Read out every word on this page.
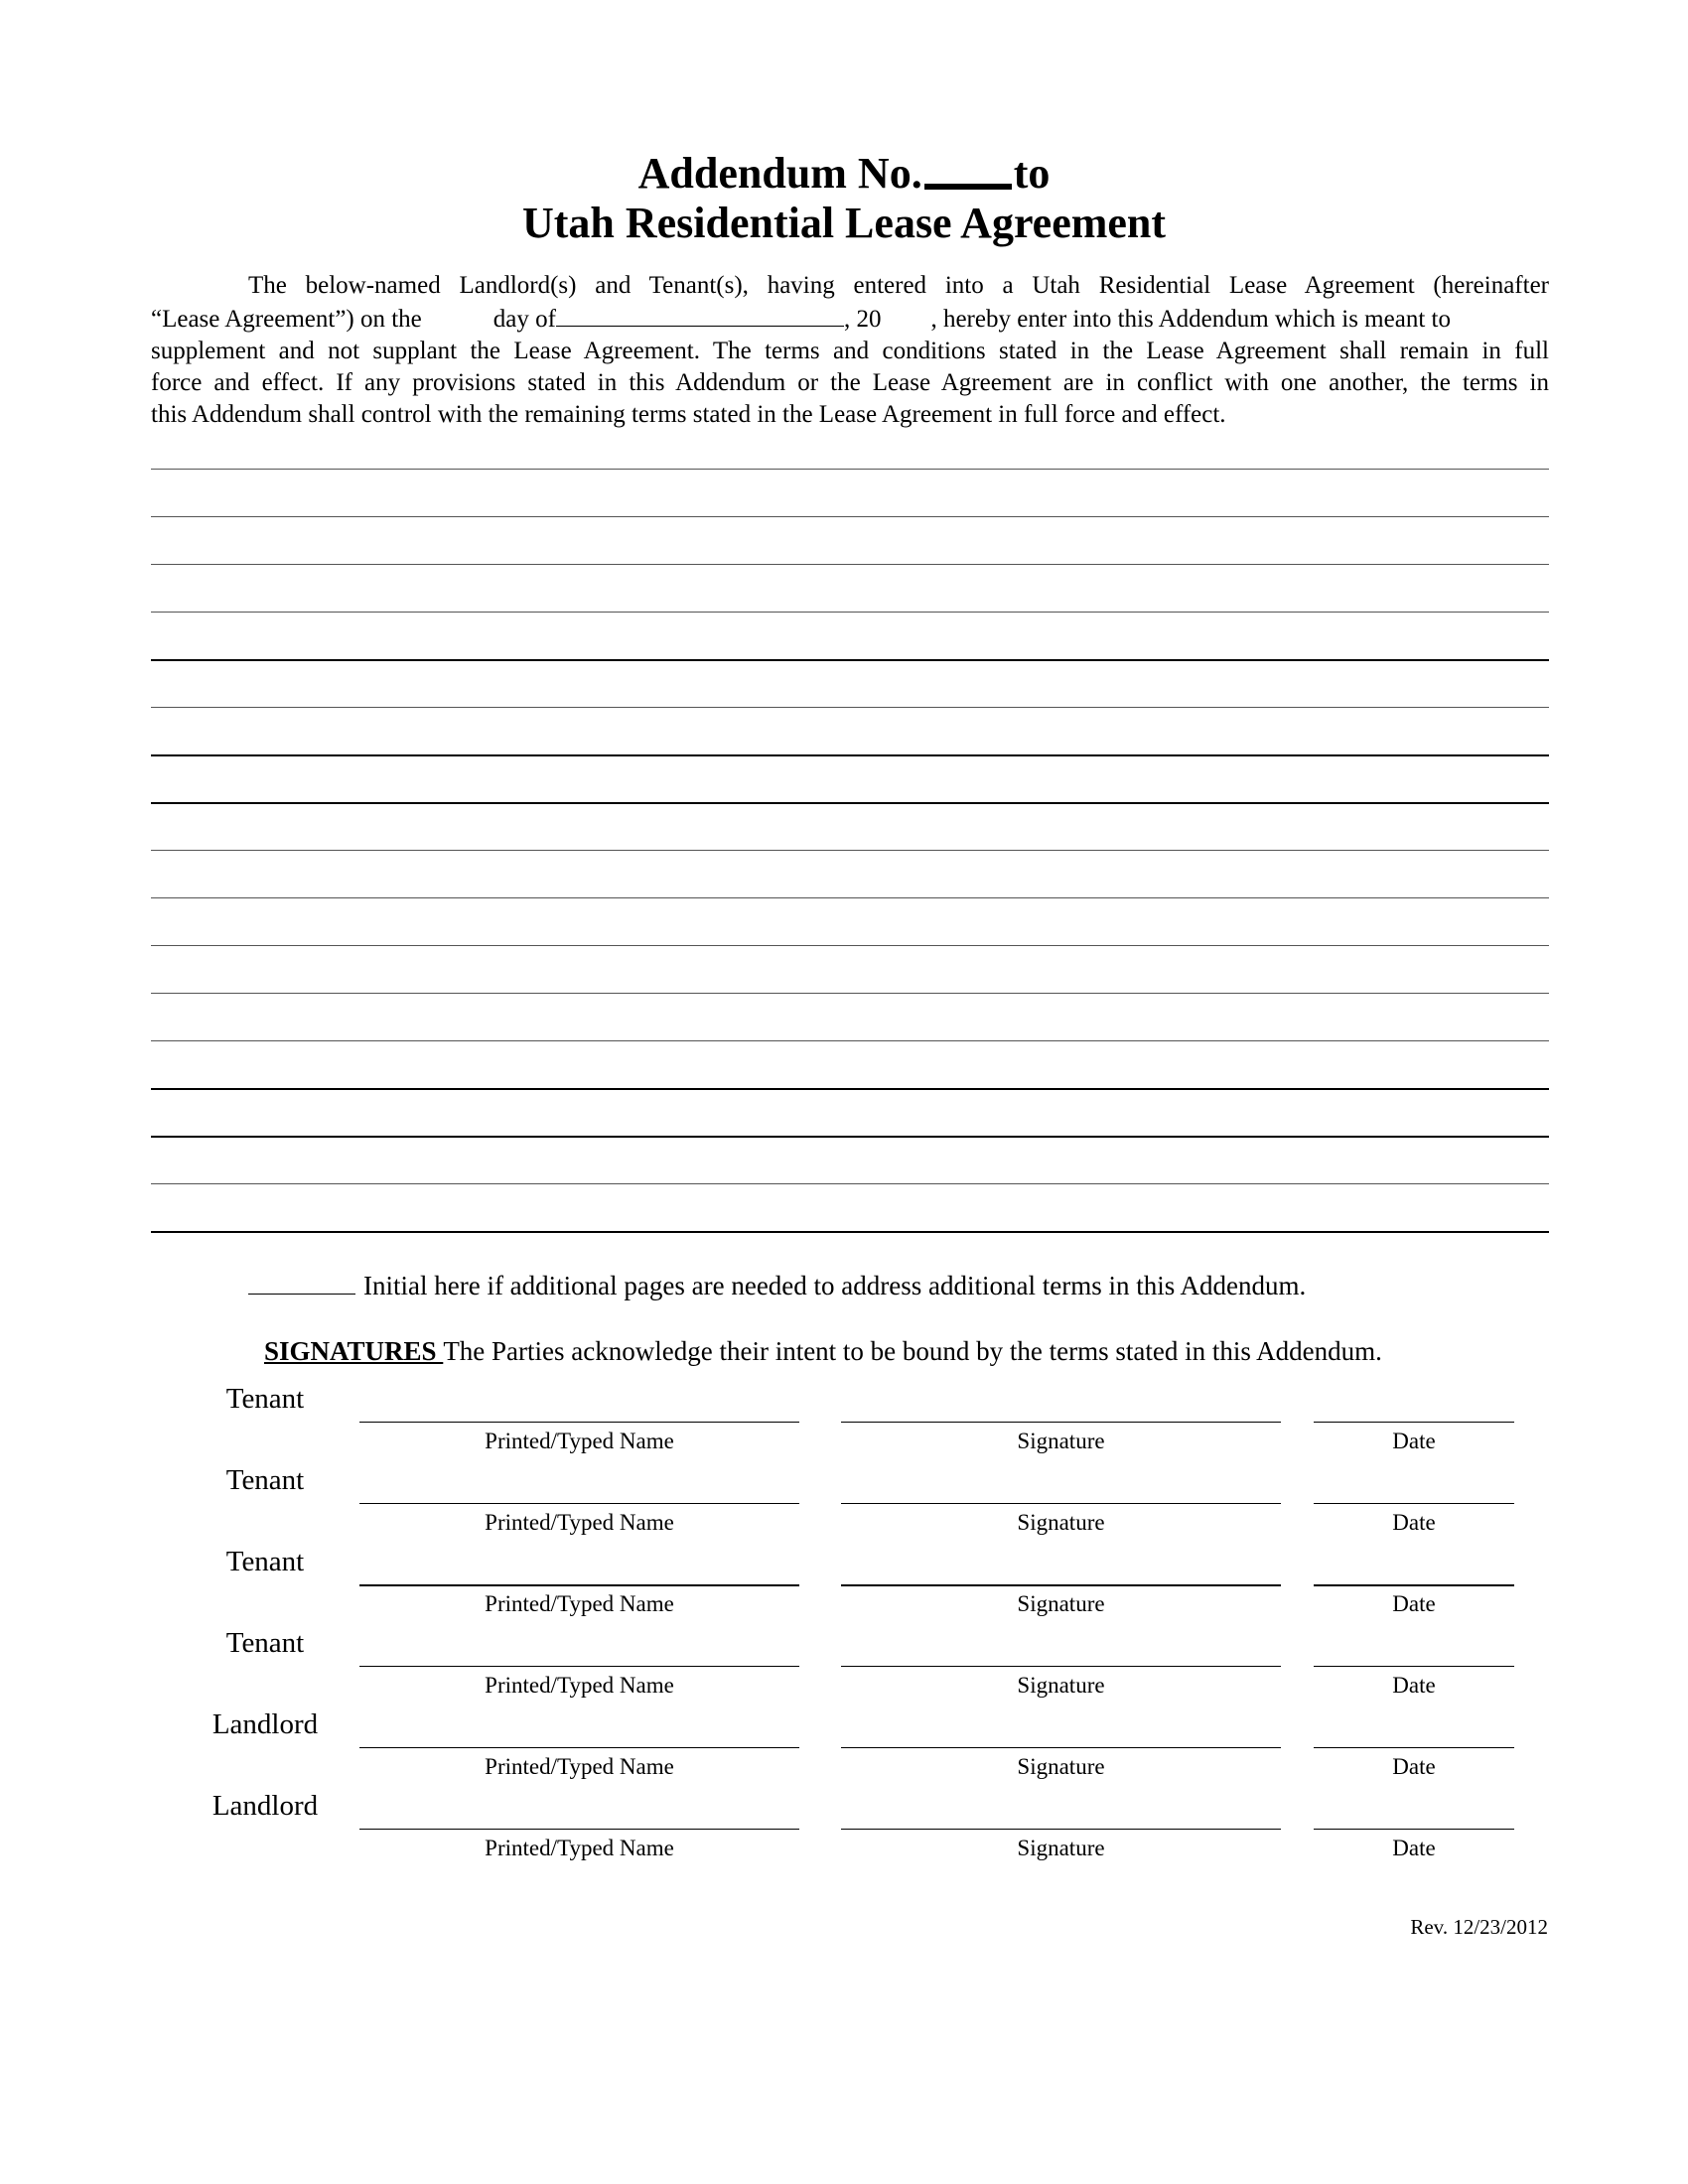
Addendum No. to
Utah Residential Lease Agreement
The below-named Landlord(s) and Tenant(s), having entered into a Utah Residential Lease Agreement (hereinafter
“Lease Agreement”) on the	day of	, 20 , hereby enter into this Addendum which is meant to
supplement and not supplant the Lease Agreement. The terms and conditions stated in the Lease Agreement shall remain in full
force and effect. If any provisions stated in this Addendum or the Lease Agreement are in conflict with one another, the terms in
this Addendum shall control with the remaining terms stated in the Lease Agreement in full force and effect.
Initial here if additional pages are needed to address additional terms in this Addendum.
SIGNATURES The Parties acknowledge their intent to be bound by the terms stated in this Addendum.
Tenant
Printed/Typed Name	Signature	Date
Tenant
Printed/Typed Name	Signature	Date
Tenant
Printed/Typed Name	Signature	Date
Tenant
Printed/Typed Name	Signature	Date
Landlord
Printed/Typed Name	Signature	Date
Landlord
Printed/Typed Name	Signature	Date
Rev. 12/23/2012
